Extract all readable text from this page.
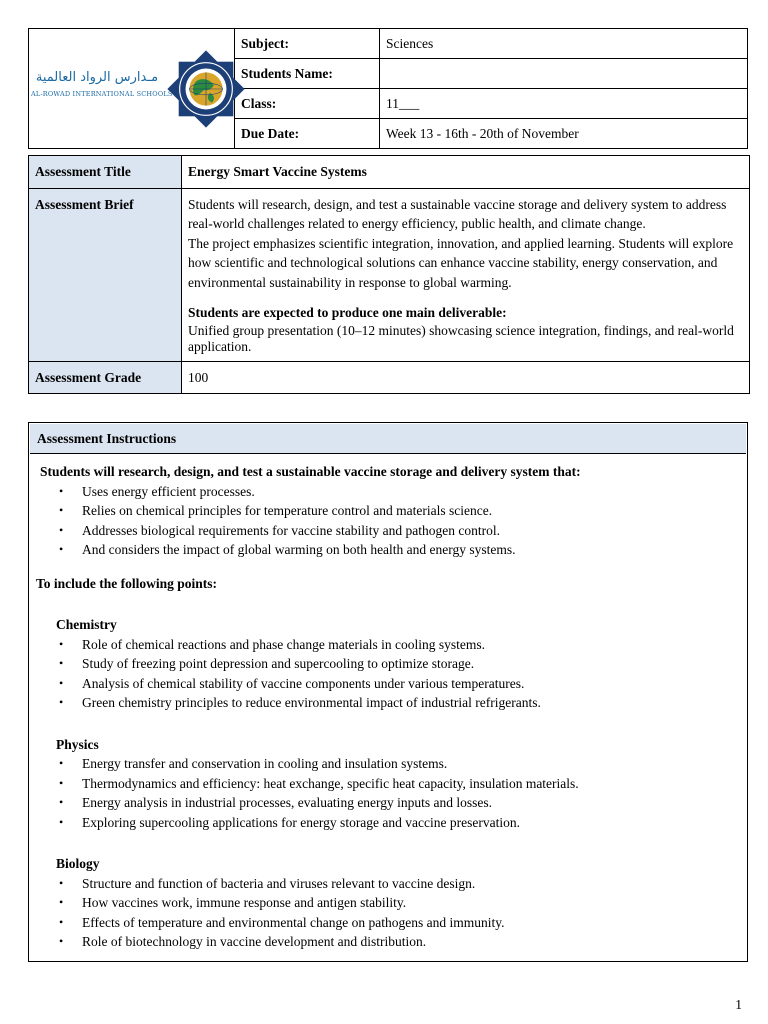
مـدارس الرواد العالمية
AL-ROWAD INTERNATIONAL SCHOOLS	Subject:	Sciences
	Students Name:	
	Class:	11___
	Due Date:	Week 13 - 16th - 20th of November
Assessment Title	Energy Smart Vaccine Systems
Assessment Brief	Students will research, design, and test a sustainable vaccine storage and delivery system to address real-world challenges related to energy efficiency, public health, and climate change.

The project emphasizes scientific integration, innovation, and applied learning. Students will explore how scientific and technological solutions can enhance vaccine stability, energy conservation, and environmental sustainability in response to global warming.

Students are expected to produce one main deliverable:

Unified group presentation (10–12 minutes) showcasing science integration, findings, and real-world application.

Assessment Grade	100
Assessment Instructions
Students will research, design, and test a sustainable vaccine storage and delivery system that:
• Uses energy efficient processes.
• Relies on chemical principles for temperature control and materials science.
• Addresses biological requirements for vaccine stability and pathogen control.
• And considers the impact of global warming on both health and energy systems.
To include the following points:
Chemistry
• Role of chemical reactions and phase change materials in cooling systems.
• Study of freezing point depression and supercooling to optimize storage.
• Analysis of chemical stability of vaccine components under various temperatures.
• Green chemistry principles to reduce environmental impact of industrial refrigerants.
Physics
• Energy transfer and conservation in cooling and insulation systems.
• Thermodynamics and efficiency: heat exchange, specific heat capacity, insulation materials.
• Energy analysis in industrial processes, evaluating energy inputs and losses.
• Exploring supercooling applications for energy storage and vaccine preservation.
Biology
• Structure and function of bacteria and viruses relevant to vaccine design.
• How vaccines work, immune response and antigen stability.
• Effects of temperature and environmental change on pathogens and immunity.
• Role of biotechnology in vaccine development and distribution.
1
